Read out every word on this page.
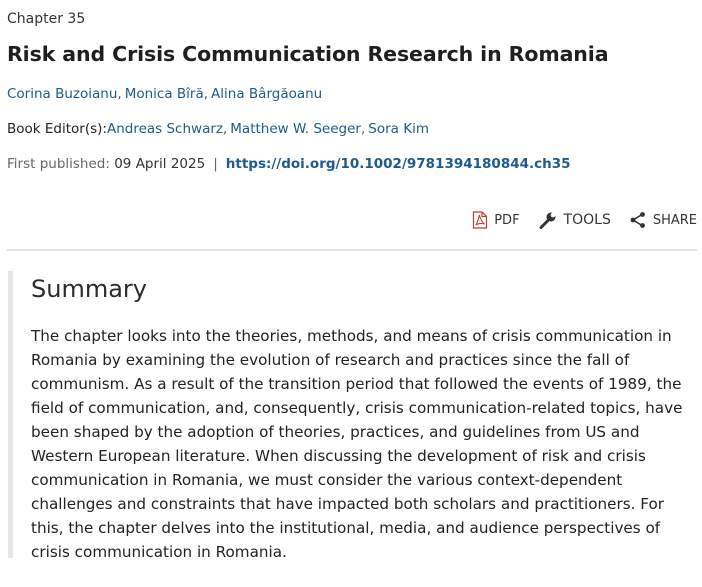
Chapter 35
Risk and Crisis Communication Research in Romania
Corina Buzoianu, Monica Bîră, Alina Bârgăoanu
Book Editor(s):Andreas Schwarz, Matthew W. Seeger, Sora Kim
First published: 09 April 2025 | https://doi.org/10.1002/9781394180844.ch35
PDF	TOOLS	SHARE
Summary

The chapter looks into the theories, methods, and means of crisis communication in Romania by examining the evolution of research and practices since the fall of communism. As a result of the transition period that followed the events of 1989, the field of communication, and, consequently, crisis communication-related topics, have been shaped by the adoption of theories, practices, and guidelines from US and Western European literature. When discussing the development of risk and crisis communication in Romania, we must consider the various context-dependent challenges and constraints that have impacted both scholars and practitioners. For this, the chapter delves into the institutional, media, and audience perspectives of crisis communication in Romania.
